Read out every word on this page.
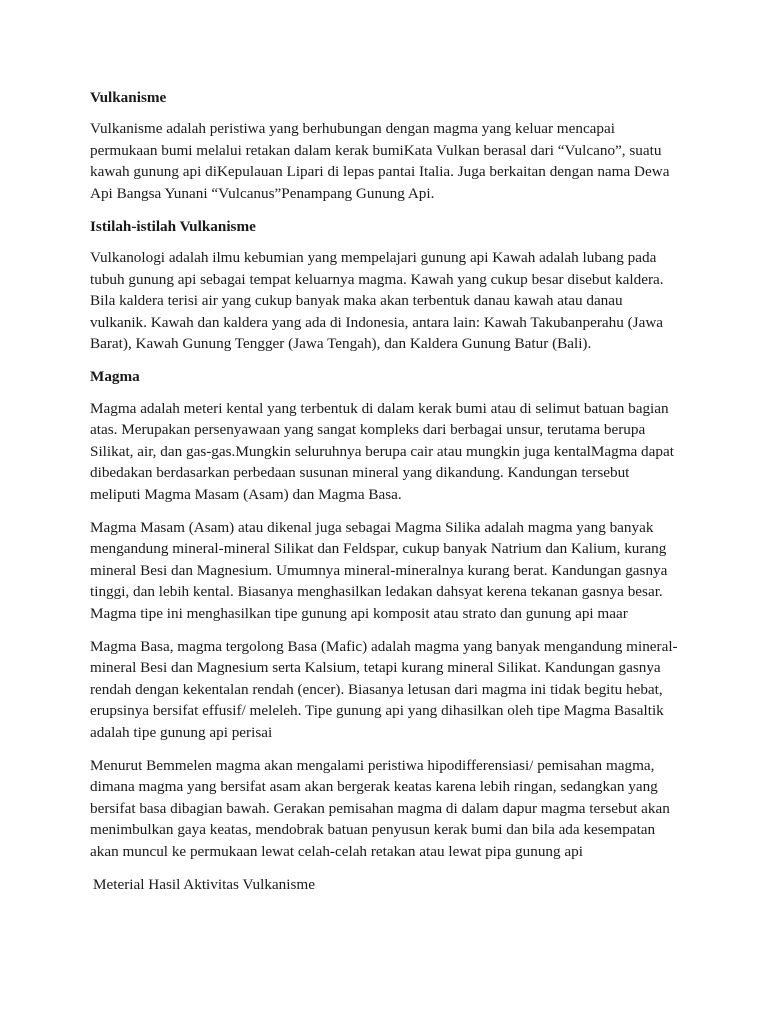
Vulkanisme
Vulkanisme adalah peristiwa yang berhubungan dengan magma yang keluar mencapai
permukaan bumi melalui retakan dalam kerak bumiKata Vulkan berasal dari “Vulcano”, suatu
kawah gunung api diKepulauan Lipari di lepas pantai Italia. Juga berkaitan dengan nama Dewa
Api Bangsa Yunani “Vulcanus”Penampang Gunung Api.
Istilah-istilah Vulkanisme
Vulkanologi adalah ilmu kebumian yang mempelajari gunung api Kawah adalah lubang pada
tubuh gunung api sebagai tempat keluarnya magma. Kawah yang cukup besar disebut kaldera.
Bila kaldera terisi air yang cukup banyak maka akan terbentuk danau kawah atau danau
vulkanik. Kawah dan kaldera yang ada di Indonesia, antara lain: Kawah Takubanperahu (Jawa
Barat), Kawah Gunung Tengger (Jawa Tengah), dan Kaldera Gunung Batur (Bali).
Magma
Magma adalah meteri kental yang terbentuk di dalam kerak bumi atau di selimut batuan bagian
atas. Merupakan persenyawaan yang sangat kompleks dari berbagai unsur, terutama berupa
Silikat, air, dan gas-gas.Mungkin seluruhnya berupa cair atau mungkin juga kentalMagma dapat
dibedakan berdasarkan perbedaan susunan mineral yang dikandung. Kandungan tersebut
meliputi Magma Masam (Asam) dan Magma Basa.
Magma Masam (Asam) atau dikenal juga sebagai Magma Silika adalah magma yang banyak
mengandung mineral-mineral Silikat dan Feldspar, cukup banyak Natrium dan Kalium, kurang
mineral Besi dan Magnesium. Umumnya mineral-mineralnya kurang berat. Kandungan gasnya
tinggi, dan lebih kental. Biasanya menghasilkan ledakan dahsyat kerena tekanan gasnya besar.
Magma tipe ini menghasilkan tipe gunung api komposit atau strato dan gunung api maar
Magma Basa, magma tergolong Basa (Mafic) adalah magma yang banyak mengandung mineral-
mineral Besi dan Magnesium serta Kalsium, tetapi kurang mineral Silikat. Kandungan gasnya
rendah dengan kekentalan rendah (encer). Biasanya letusan dari magma ini tidak begitu hebat,
erupsinya bersifat effusif/ meleleh. Tipe gunung api yang dihasilkan oleh tipe Magma Basaltik
adalah tipe gunung api perisai
Menurut Bemmelen magma akan mengalami peristiwa hipodifferensiasi/ pemisahan magma,
dimana magma yang bersifat asam akan bergerak keatas karena lebih ringan, sedangkan yang
bersifat basa dibagian bawah. Gerakan pemisahan magma di dalam dapur magma tersebut akan
menimbulkan gaya keatas, mendobrak batuan penyusun kerak bumi dan bila ada kesempatan
akan muncul ke permukaan lewat celah-celah retakan atau lewat pipa gunung api
Meterial Hasil Aktivitas Vulkanisme
